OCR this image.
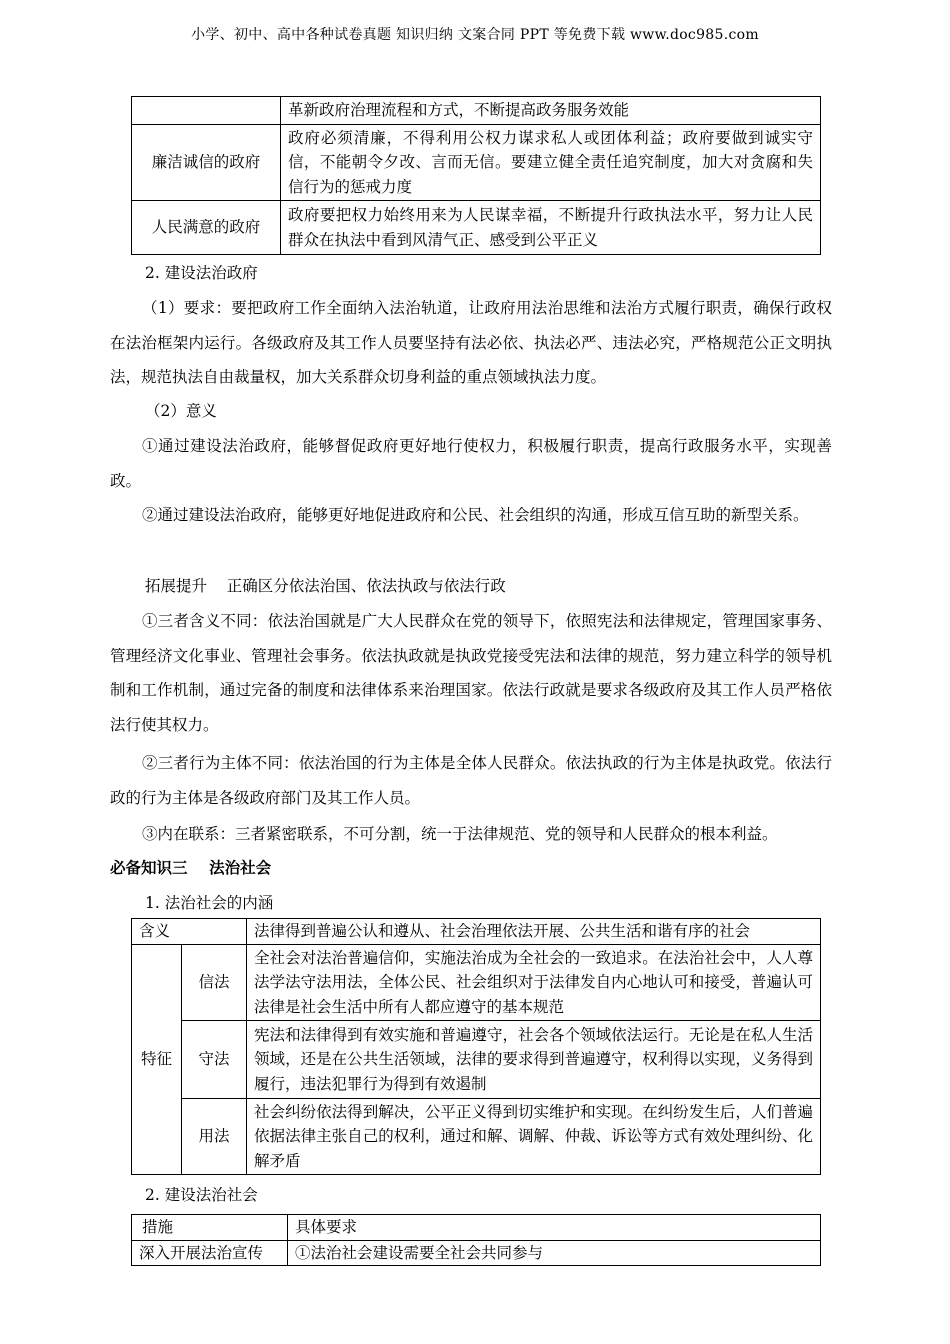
小学、初中、高中各种试卷真题 知识归纳 文案合同 PPT 等免费下载 www.doc985.com
	革新政府治理流程和方式，不断提高政务服务效能
廉洁诚信的政府	政府必须清廉，不得利用公权力谋求私人或团体利益；政府要做到诚实守信，不能朝令夕改、言而无信。要建立健全责任追究制度，加大对贪腐和失信行为的惩戒力度
人民满意的政府	政府要把权力始终用来为人民谋幸福，不断提升行政执法水平，努力让人民群众在执法中看到风清气正、感受到公平正义
2. 建设法治政府
（1）要求：要把政府工作全面纳入法治轨道，让政府用法治思维和法治方式履行职责，确保行政权在法治框架内运行。各级政府及其工作人员要坚持有法必依、执法必严、违法必究，严格规范公正文明执法，规范执法自由裁量权，加大关系群众切身利益的重点领域执法力度。
（2）意义
①通过建设法治政府，能够督促政府更好地行使权力，积极履行职责，提高行政服务水平，实现善政。
②通过建设法治政府，能够更好地促进政府和公民、社会组织的沟通，形成互信互助的新型关系。
拓展提升    正确区分依法治国、依法执政与依法行政
①三者含义不同：依法治国就是广大人民群众在党的领导下，依照宪法和法律规定，管理国家事务、管理经济文化事业、管理社会事务。依法执政就是执政党接受宪法和法律的规范，努力建立科学的领导机制和工作机制，通过完备的制度和法律体系来治理国家。依法行政就是要求各级政府及其工作人员严格依法行使其权力。
②三者行为主体不同：依法治国的行为主体是全体人民群众。依法执政的行为主体是执政党。依法行政的行为主体是各级政府部门及其工作人员。
③内在联系：三者紧密联系，不可分割，统一于法律规范、党的领导和人民群众的根本利益。
必备知识三    法治社会
1. 法治社会的内涵
含义		法律得到普遍公认和遵从、社会治理依法开展、公共生活和谐有序的社会
特征	信法	全社会对法治普遍信仰，实施法治成为全社会的一致追求。在法治社会中，人人尊法学法守法用法，全体公民、社会组织对于法律发自内心地认可和接受，普遍认可法律是社会生活中所有人都应遵守的基本规范
	守法	宪法和法律得到有效实施和普遍遵守，社会各个领域依法运行。无论是在私人生活领域，还是在公共生活领域，法律的要求得到普遍遵守，权利得以实现，义务得到履行，违法犯罪行为得到有效遏制
	用法	社会纠纷依法得到解决，公平正义得到切实维护和实现。在纠纷发生后，人们普遍依据法律主张自己的权利，通过和解、调解、仲裁、诉讼等方式有效处理纠纷、化解矛盾
2. 建设法治社会
措施	具体要求
深入开展法治宣传	①法治社会建设需要全社会共同参与
